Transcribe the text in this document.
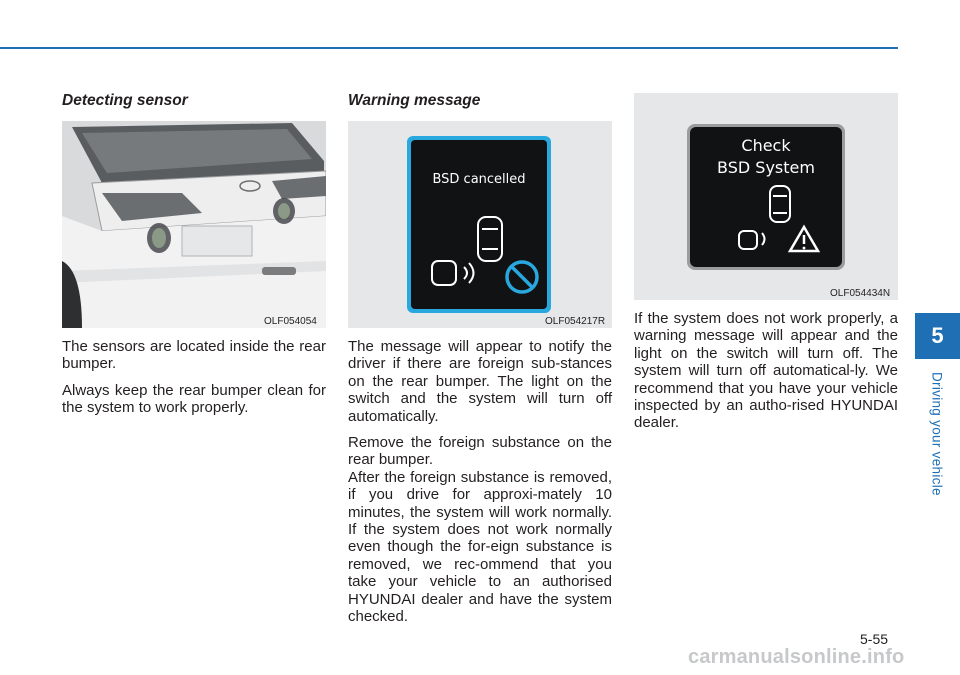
Detecting sensor
OLF054054

The sensors are located inside the rear bumper.

Always keep the rear bumper clean for the system to work properly.

Warning message
BSD cancelled
OLF054217R

The message will appear to notify the driver if there are foreign sub-stances on the rear bumper. The light on the switch and the system will turn off automatically.

Remove the foreign substance on the rear bumper.

After the foreign substance is removed, if you drive for approxi-mately 10 minutes, the system will work normally. If the system does not work normally even though the for-eign substance is removed, we rec-ommend that you take your vehicle to an authorised HYUNDAI dealer and have the system checked.

Check
BSD System
OLF054434N

If the system does not work properly, a warning message will appear and the light on the switch will turn off. The system will turn off automatical-ly. We recommend that you have your vehicle inspected by an autho-rised HYUNDAI dealer.

5
Driving your vehicle
5-55
carmanualsonline.info
